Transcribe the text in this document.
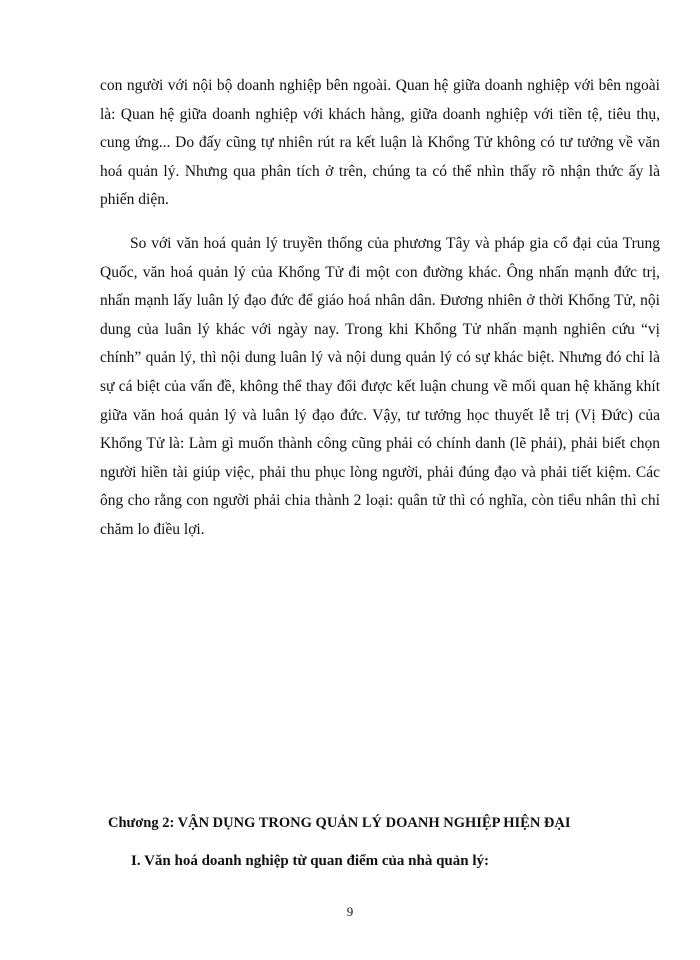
con người với nội bộ doanh nghiệp bên ngoài. Quan hệ giữa doanh nghiệp với bên ngoài là: Quan hệ giữa doanh nghiệp với khách hàng, giữa doanh nghiệp với tiền tệ, tiêu thụ, cung ứng... Do đấy cũng tự nhiên rút ra kết luận là Khổng Tử không có tư tưởng về văn hoá quản lý. Nhưng qua phân tích ở trên, chúng ta có thể nhìn thấy rõ nhận thức ấy là phiến diện.

So với văn hoá quản lý truyền thống của phương Tây và pháp gia cổ đại của Trung Quốc, văn hoá quản lý của Khổng Tử đi một con đường khác. Ông nhấn mạnh đức trị, nhấn mạnh lấy luân lý đạo đức để giáo hoá nhân dân. Đương nhiên ở thời Khổng Tử, nội dung của luân lý khác với ngày nay. Trong khi Khổng Tử nhấn mạnh nghiên cứu “vị chính” quản lý, thì nội dung luân lý và nội dung quản lý có sự khác biệt. Nhưng đó chỉ là sự cá biệt của vấn đề, không thể thay đổi được kết luận chung về mối quan hệ khăng khít giữa văn hoá quản lý và luân lý đạo đức. Vậy, tư tưởng học thuyết lễ trị (Vị Đức) của Khổng Tử là: Làm gì muốn thành công cũng phải có chính danh (lẽ phải), phải biết chọn người hiền tài giúp việc, phải thu phục lòng người, phải đúng đạo và phải tiết kiệm. Các ông cho rằng con người phải chia thành 2 loại: quân tử thì có nghĩa, còn tiểu nhân thì chỉ chăm lo điều lợi.

Chương 2: VẬN DỤNG TRONG QUẢN LÝ DOANH NGHIỆP HIỆN ĐẠI
I. Văn hoá doanh nghiệp từ quan điểm của nhà quản lý:
9
